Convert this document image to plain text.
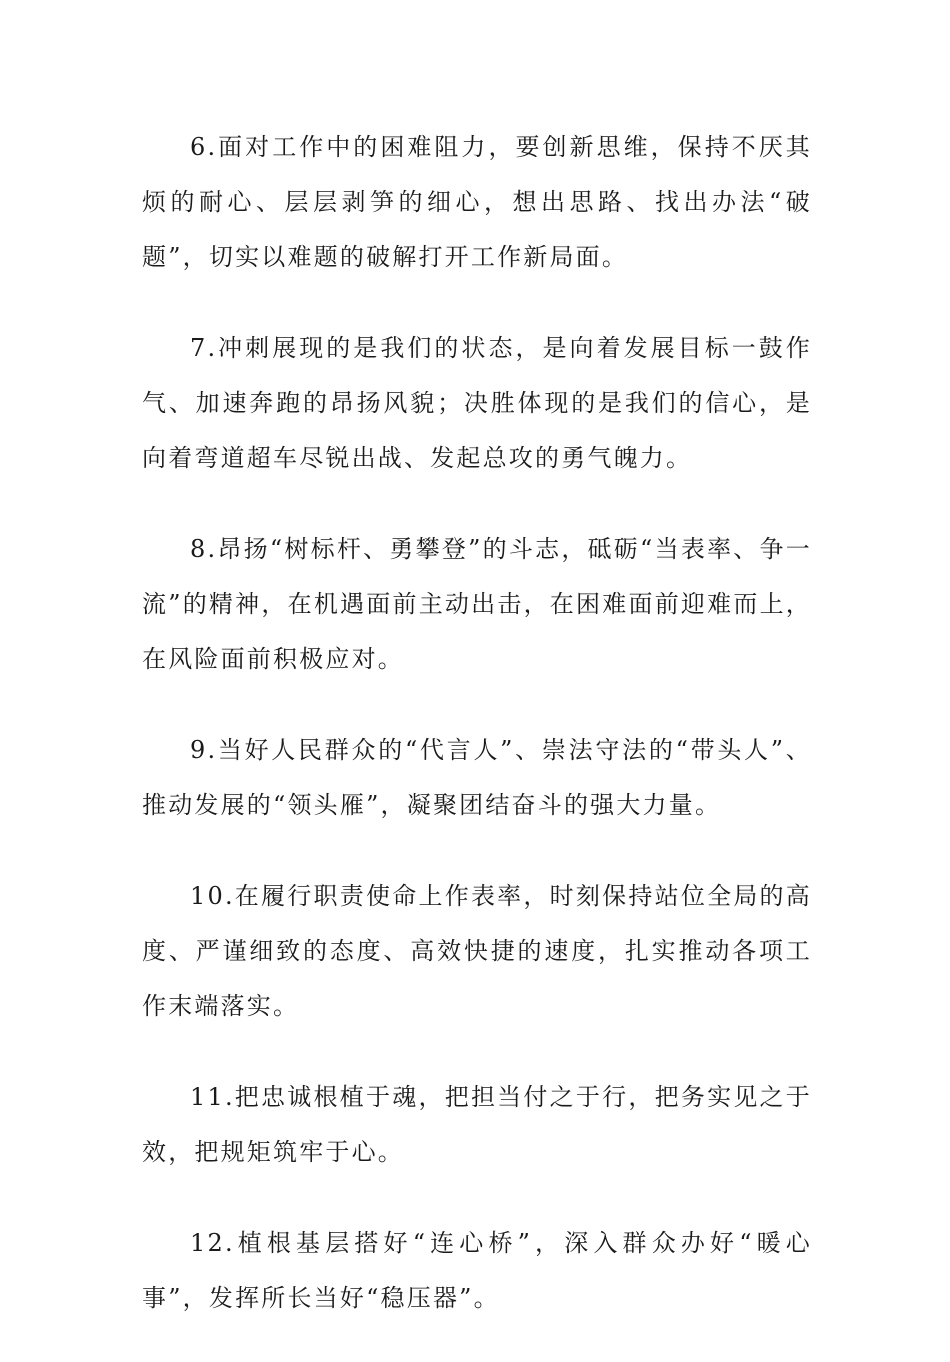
6.面对工作中的困难阻力，要创新思维，保持不厌其烦的耐心、层层剥笋的细心，想出思路、找出办法“破题”，切实以难题的破解打开工作新局面。

7.冲刺展现的是我们的状态，是向着发展目标一鼓作气、加速奔跑的昂扬风貌；决胜体现的是我们的信心，是向着弯道超车尽锐出战、发起总攻的勇气魄力。

8.昂扬“树标杆、勇攀登”的斗志，砥砺“当表率、争一流”的精神，在机遇面前主动出击，在困难面前迎难而上，在风险面前积极应对。

9.当好人民群众的“代言人”、崇法守法的“带头人”、推动发展的“领头雁”，凝聚团结奋斗的强大力量。

10.在履行职责使命上作表率，时刻保持站位全局的高度、严谨细致的态度、高效快捷的速度，扎实推动各项工作末端落实。

11.把忠诚根植于魂，把担当付之于行，把务实见之于效，把规矩筑牢于心。

12.植根基层搭好“连心桥”，深入群众办好“暖心事”，发挥所长当好“稳压器”。
